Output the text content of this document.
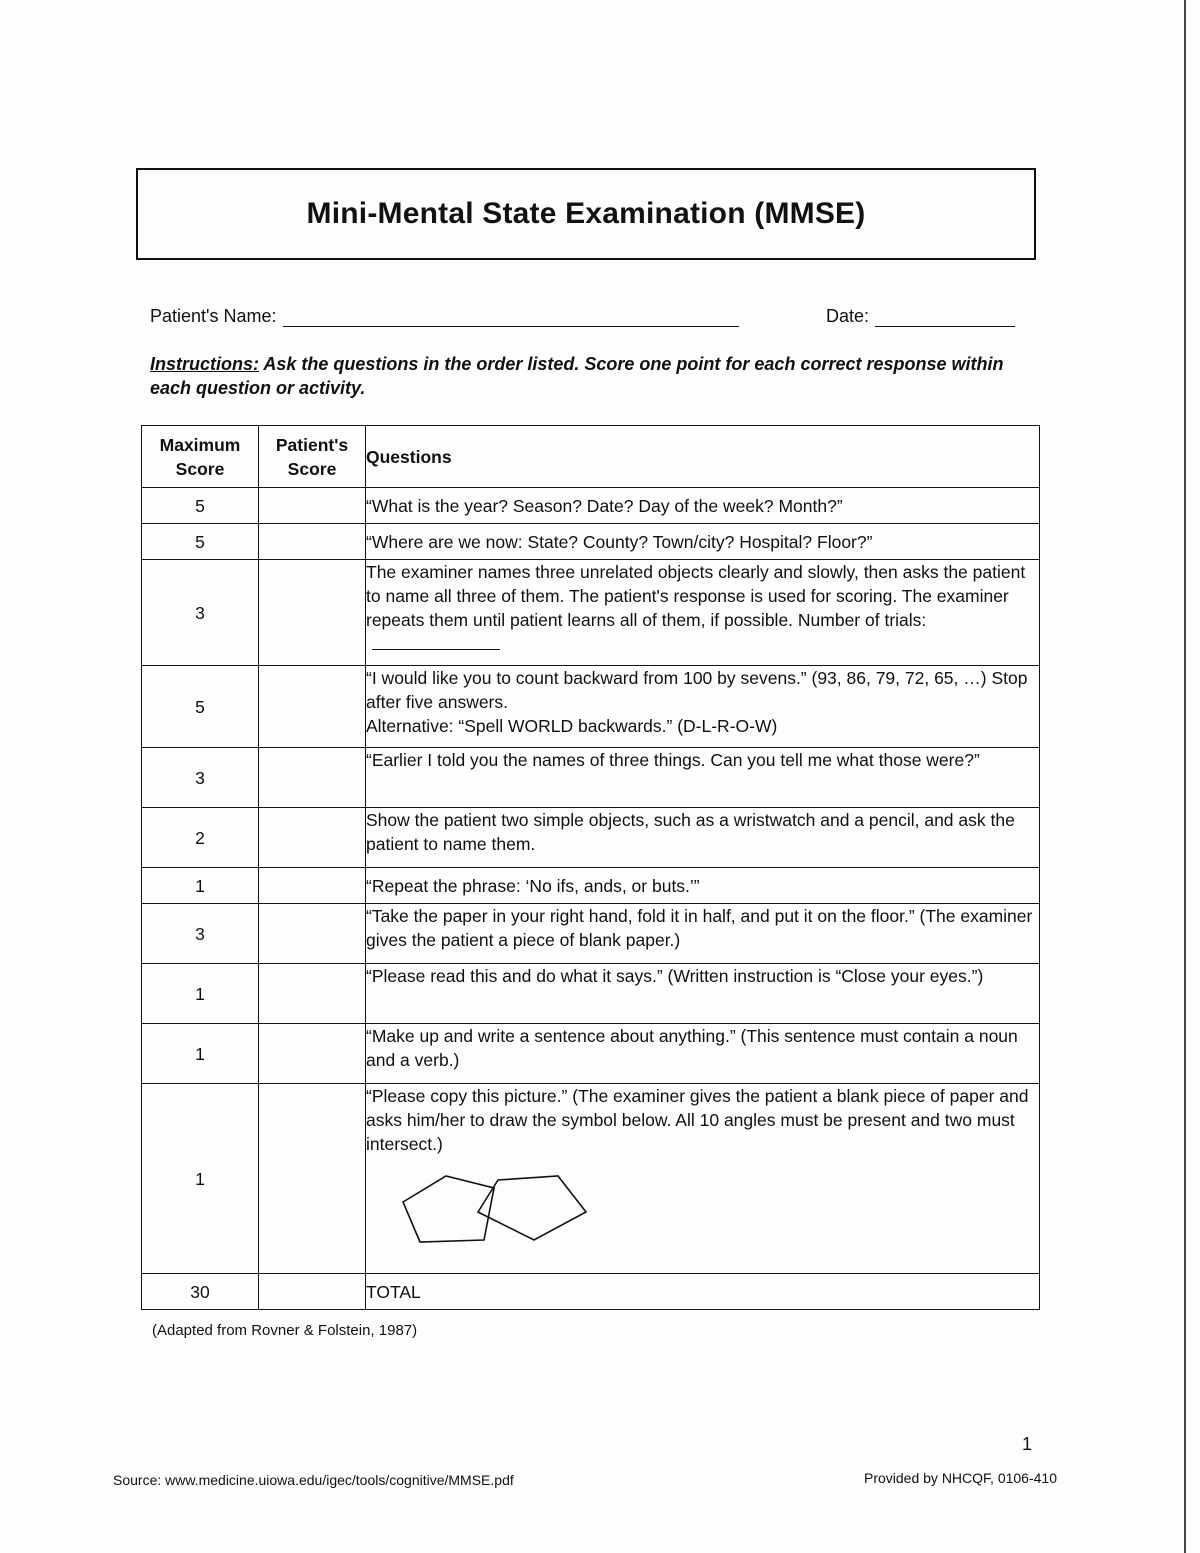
Mini-Mental State Examination (MMSE)
Patient's Name:	Date:
Instructions: Ask the questions in the order listed. Score one point for each correct response within each question or activity.
Maximum Score	Patient's Score	Questions
5		“What is the year? Season? Date? Day of the week? Month?”
5		“Where are we now: State? County? Town/city? Hospital? Floor?”
3		The examiner names three unrelated objects clearly and slowly, then asks the patient to name all three of them. The patient's response is used for scoring. The examiner repeats them until patient learns all of them, if possible. Number of trials:
5		“I would like you to count backward from 100 by sevens.” (93, 86, 79, 72, 65, …) Stop after five answers.
Alternative: “Spell WORLD backwards.” (D-L-R-O-W)

3		“Earlier I told you the names of three things. Can you tell me what those were?”
2		Show the patient two simple objects, such as a wristwatch and a pencil, and ask the patient to name them.
1		“Repeat the phrase: ‘No ifs, ands, or buts.’”
3		“Take the paper in your right hand, fold it in half, and put it on the floor.” (The examiner gives the patient a piece of blank paper.)
1		“Please read this and do what it says.” (Written instruction is “Close your eyes.”)
1		“Make up and write a sentence about anything.” (This sentence must contain a noun and a verb.)
1		“Please copy this picture.” (The examiner gives the patient a blank piece of paper and asks him/her to draw the symbol below. All 10 angles must be present and two must intersect.)

30		TOTAL
(Adapted from Rovner & Folstein, 1987)
1
Source: www.medicine.uiowa.edu/igec/tools/cognitive/MMSE.pdf	Provided by NHCQF, 0106-410
